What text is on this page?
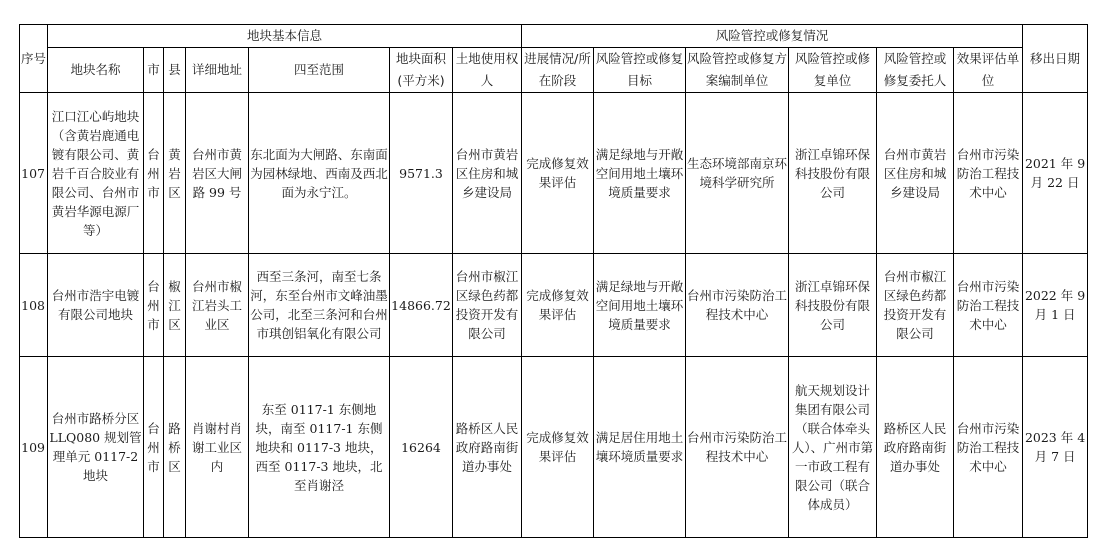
序号	地块基本信息							风险管控或修复情况						移出日期
	地块名称	市	县	详细地址	四至范围	地块面积(平方米)	土地使用权人	进展情况/所在阶段	风险管控或修复目标	风险管控或修复方案编制单位	风险管控或修复单位	风险管控或修复委托人	效果评估单位	
107	江口江心屿地块（含黄岩鹿通电镀有限公司、黄岩千百合胶业有限公司、台州市黄岩华源电源厂等）	台州市	黄岩区	台州市黄岩区大闸路 99 号	东北面为大闸路、东南面为园林绿地、西南及西北面为永宁江。	9571.3	台州市黄岩区住房和城乡建设局	完成修复效果评估	满足绿地与开敞空间用地土壤环境质量要求	生态环境部南京环境科学研究所	浙江卓锦环保科技股份有限公司	台州市黄岩区住房和城乡建设局	台州市污染防治工程技术中心	2021 年 9 月 22 日
108	台州市浩宇电镀有限公司地块	台州市	椒江区	台州市椒江岩头工业区	西至三条河，南至七条河，东至台州市文峰油墨公司，北至三条河和台州市琪创铝氧化有限公司	14866.72	台州市椒江区绿色药都投资开发有限公司	完成修复效果评估	满足绿地与开敞空间用地土壤环境质量要求	台州市污染防治工程技术中心	浙江卓锦环保科技股份有限公司	台州市椒江区绿色药都投资开发有限公司	台州市污染防治工程技术中心	2022 年 9 月 1 日
109	台州市路桥分区 LLQ080 规划管理单元 0117-2 地块	台州市	路桥区	肖谢村肖谢工业区内	东至 0117-1 东侧地块，南至 0117-1 东侧地块和 0117-3 地块，西至 0117-3 地块，北至肖谢泾	16264	路桥区人民政府路南街道办事处	完成修复效果评估	满足居住用地土壤环境质量要求	台州市污染防治工程技术中心	航天规划设计集团有限公司（联合体牵头人）、广州市第一市政工程有限公司（联合体成员）	路桥区人民政府路南街道办事处	台州市污染防治工程技术中心	2023 年 4 月 7 日
